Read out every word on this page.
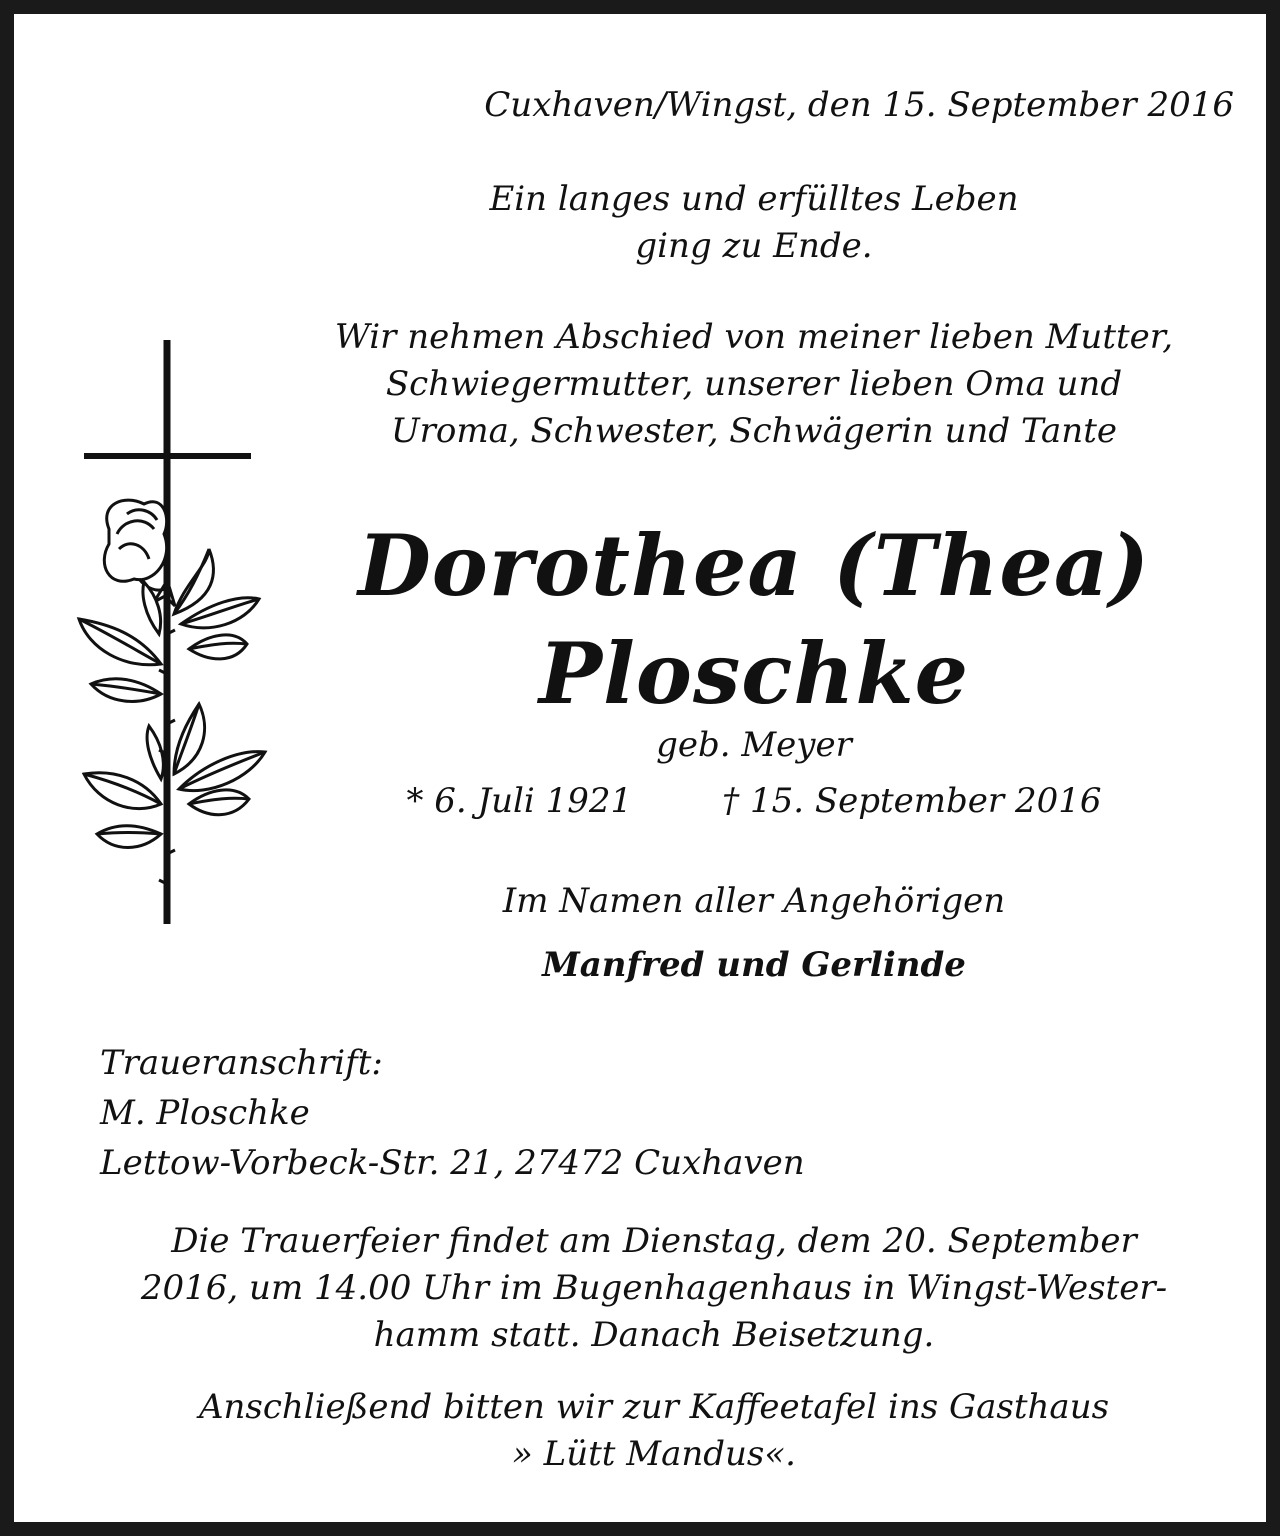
Cuxhaven/Wingst, den 15. September 2016
Ein langes und erfülltes Leben
ging zu Ende.
Wir nehmen Abschied von meiner lieben Mutter,
Schwiegermutter, unserer lieben Oma und
Uroma, Schwester, Schwägerin und Tante
Dorothea (Thea)
Ploschke
geb. Meyer
* 6. Juli 1921	† 15. September 2016
Im Namen aller Angehörigen
Manfred und Gerlinde
Traueranschrift:
M. Ploschke
Lettow-Vorbeck-Str. 21, 27472 Cuxhaven
Die Trauerfeier findet am Dienstag, dem 20. September
2016, um 14.00 Uhr im Bugenhagenhaus in Wingst-Wester-
hamm statt. Danach Beisetzung.
Anschließend bitten wir zur Kaffeetafel ins Gasthaus
» Lütt Mandus«.
